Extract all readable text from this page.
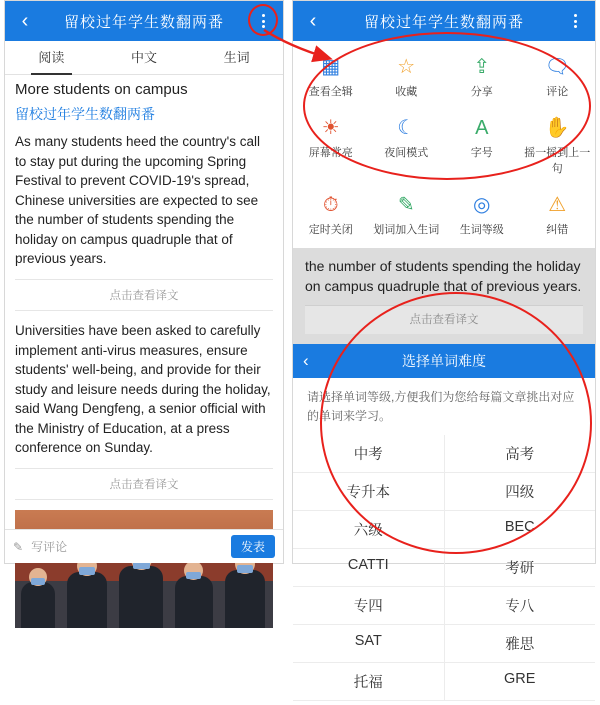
‹	留校过年学生数翻两番
阅读	中文	生词
More students on campus
留校过年学生数翻两番

As many students heed the country's call to stay put during the upcoming Spring Festival to prevent COVID-19's spread, Chinese universities are expected to see the number of students spending the holiday on campus quadruple that of previous years.

点击查看译文

Universities have been asked to carefully implement anti-virus measures, ensure students' well-being, and provide for their study and leisure needs during the holiday, said Wang Dengfeng, a senior official with the Ministry of Education, at a press conference on Sunday.

点击查看译文
✎ 写评论	发表
‹	留校过年学生数翻两番
▦
查看全辑
☆
收藏
⇪
分享
🗨
评论
☀
屏幕常亮
☾
夜间模式
A
字号
✋
摇一摇到上一句
⏱
定时关闭
✎
划词加入生词
◎
生词等级
⚠
纠错
the number of students spending the holiday on campus quadruple that of previous years.
点击查看译文
‹	选择单词难度
请选择单词等级,方便我们为您给每篇文章挑出对应的单词来学习。
中考	高考
专升本	四级
六级	BEC
CATTI	考研
专四	专八
SAT	雅思
托福	GRE
